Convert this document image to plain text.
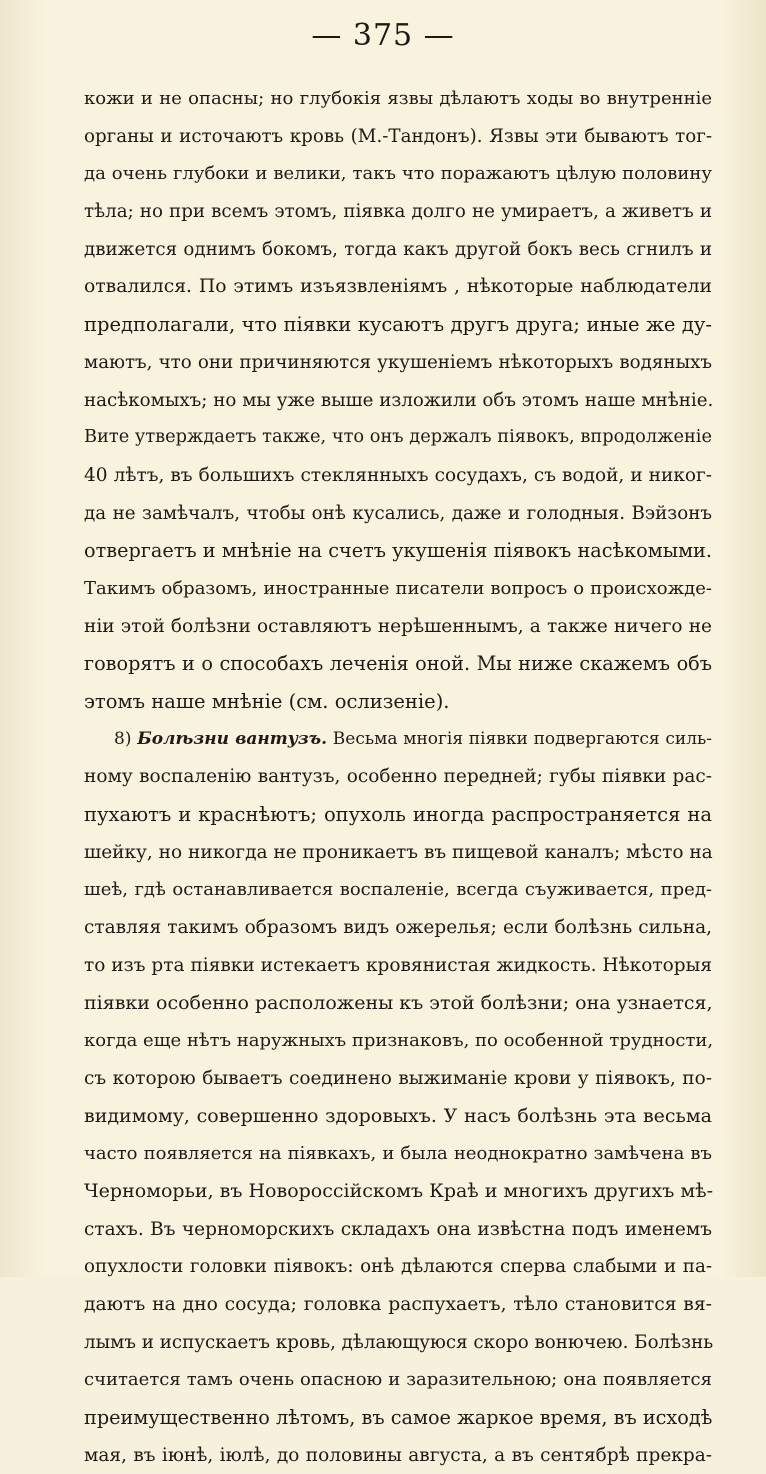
— 375 —
кожи и не опасны; но глубокія язвы дѣлаютъ ходы во внутренніе
органы и источаютъ кровь (М.-Тандонъ). Язвы эти бываютъ тог-
да очень глубоки и велики, такъ что поражаютъ цѣлую половину
тѣла; но при всемъ этомъ, піявка долго не умираетъ, а живетъ и
движется однимъ бокомъ, тогда какъ другой бокъ весь сгнилъ и
отвалился. По этимъ изъязвленіямъ , нѣкоторые наблюдатели
предполагали, что піявки кусаютъ другъ друга; иные же ду-
маютъ, что они причиняются укушеніемъ нѣкоторыхъ водяныхъ
насѣкомыхъ; но мы уже выше изложили объ этомъ наше мнѣніе.
Вите утверждаетъ также, что онъ держалъ піявокъ, впродолженіе
40 лѣтъ, въ большихъ стеклянныхъ сосудахъ, съ водой, и никог-
да не замѣчалъ, чтобы онѣ кусались, даже и голодныя. Вэйзонъ
отвергаетъ и мнѣніе на счетъ укушенія піявокъ насѣкомыми.
Такимъ образомъ, иностранные писатели вопросъ о происхожде-
ніи этой болѣзни оставляютъ нерѣшеннымъ, а также ничего не
говорятъ и о способахъ леченія оной. Мы ниже скажемъ объ
этомъ наше мнѣніе (см. ослизеніе).
8) Болѣзни вантузъ. Весьма многія піявки подвергаются силь-
ному воспаленію вантузъ, особенно передней; губы піявки рас-
пухаютъ и краснѣютъ; опухоль иногда распространяется на
шейку, но никогда не проникаетъ въ пищевой каналъ; мѣсто на
шеѣ, гдѣ останавливается воспаленіе, всегда съуживается, пред-
ставляя такимъ образомъ видъ ожерелья; если болѣзнь сильна,
то изъ рта піявки истекаетъ кровянистая жидкость. Нѣкоторыя
піявки особенно расположены къ этой болѣзни; она узнается,
когда еще нѣтъ наружныхъ признаковъ, по особенной трудности,
съ которою бываетъ соединено выжиманіе крови у піявокъ, по-
видимому, совершенно здоровыхъ. У насъ болѣзнь эта весьма
часто появляется на піявкахъ, и была неоднократно замѣчена въ
Черноморьи, въ Новороссійскомъ Краѣ и многихъ другихъ мѣ-
стахъ. Въ черноморскихъ складахъ она извѣстна подъ именемъ
опухлости головки піявокъ: онѣ дѣлаются сперва слабыми и па-
даютъ на дно сосуда; головка распухаетъ, тѣло становится вя-
лымъ и испускаетъ кровь, дѣлающуюся скоро вонючею. Болѣзнь
считается тамъ очень опасною и заразительною; она появляется
преимущественно лѣтомъ, въ самое жаркое время, въ исходѣ
мая, въ іюнѣ, іюлѣ, до половины августа, а въ сентябрѣ прекра-
